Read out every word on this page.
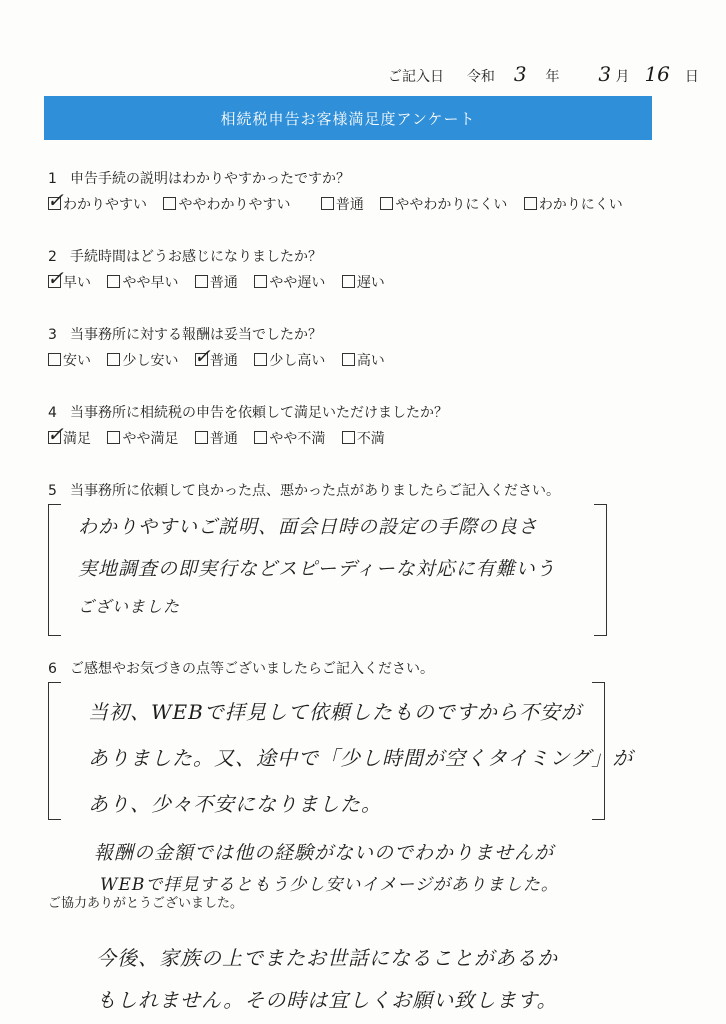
ご記入日 令和 3 年 3 月 16 日
相続税申告お客様満足度アンケート
1 申告手続の説明はわかりやすかったですか？
✓ わかりやすい ややわかりやすい	普通 ややわかりにくい わかりにくい
2 手続時間はどうお感じになりましたか？
✓ 早い やや早い 普通 やや遅い 遅い
3 当事務所に対する報酬は妥当でしたか？
安い 少し安い ✓ 普通 少し高い 高い
4 当事務所に相続税の申告を依頼して満足いただけましたか？
✓ 満足 やや満足 普通 やや不満 不満
5 当事務所に依頼して良かった点、悪かった点がありましたらご記入ください。
わかりやすいご説明、面会日時の設定の手際の良さ
実地調査の即実行などスピーディーな対応に有難いう
ございました
6 ご感想やお気づきの点等ございましたらご記入ください。
当初、WEBで拝見して依頼したものですから不安が
ありました。又、途中で「少し時間が空くタイミング」が
あり、少々不安になりました。
報酬の金額では他の経験がないのでわかりませんが
WEBで拝見するともう少し安いイメージがありました。
ご協力ありがとうございました。
今後、家族の上でまたお世話になることがあるか
もしれません。その時は宜しくお願い致します。
